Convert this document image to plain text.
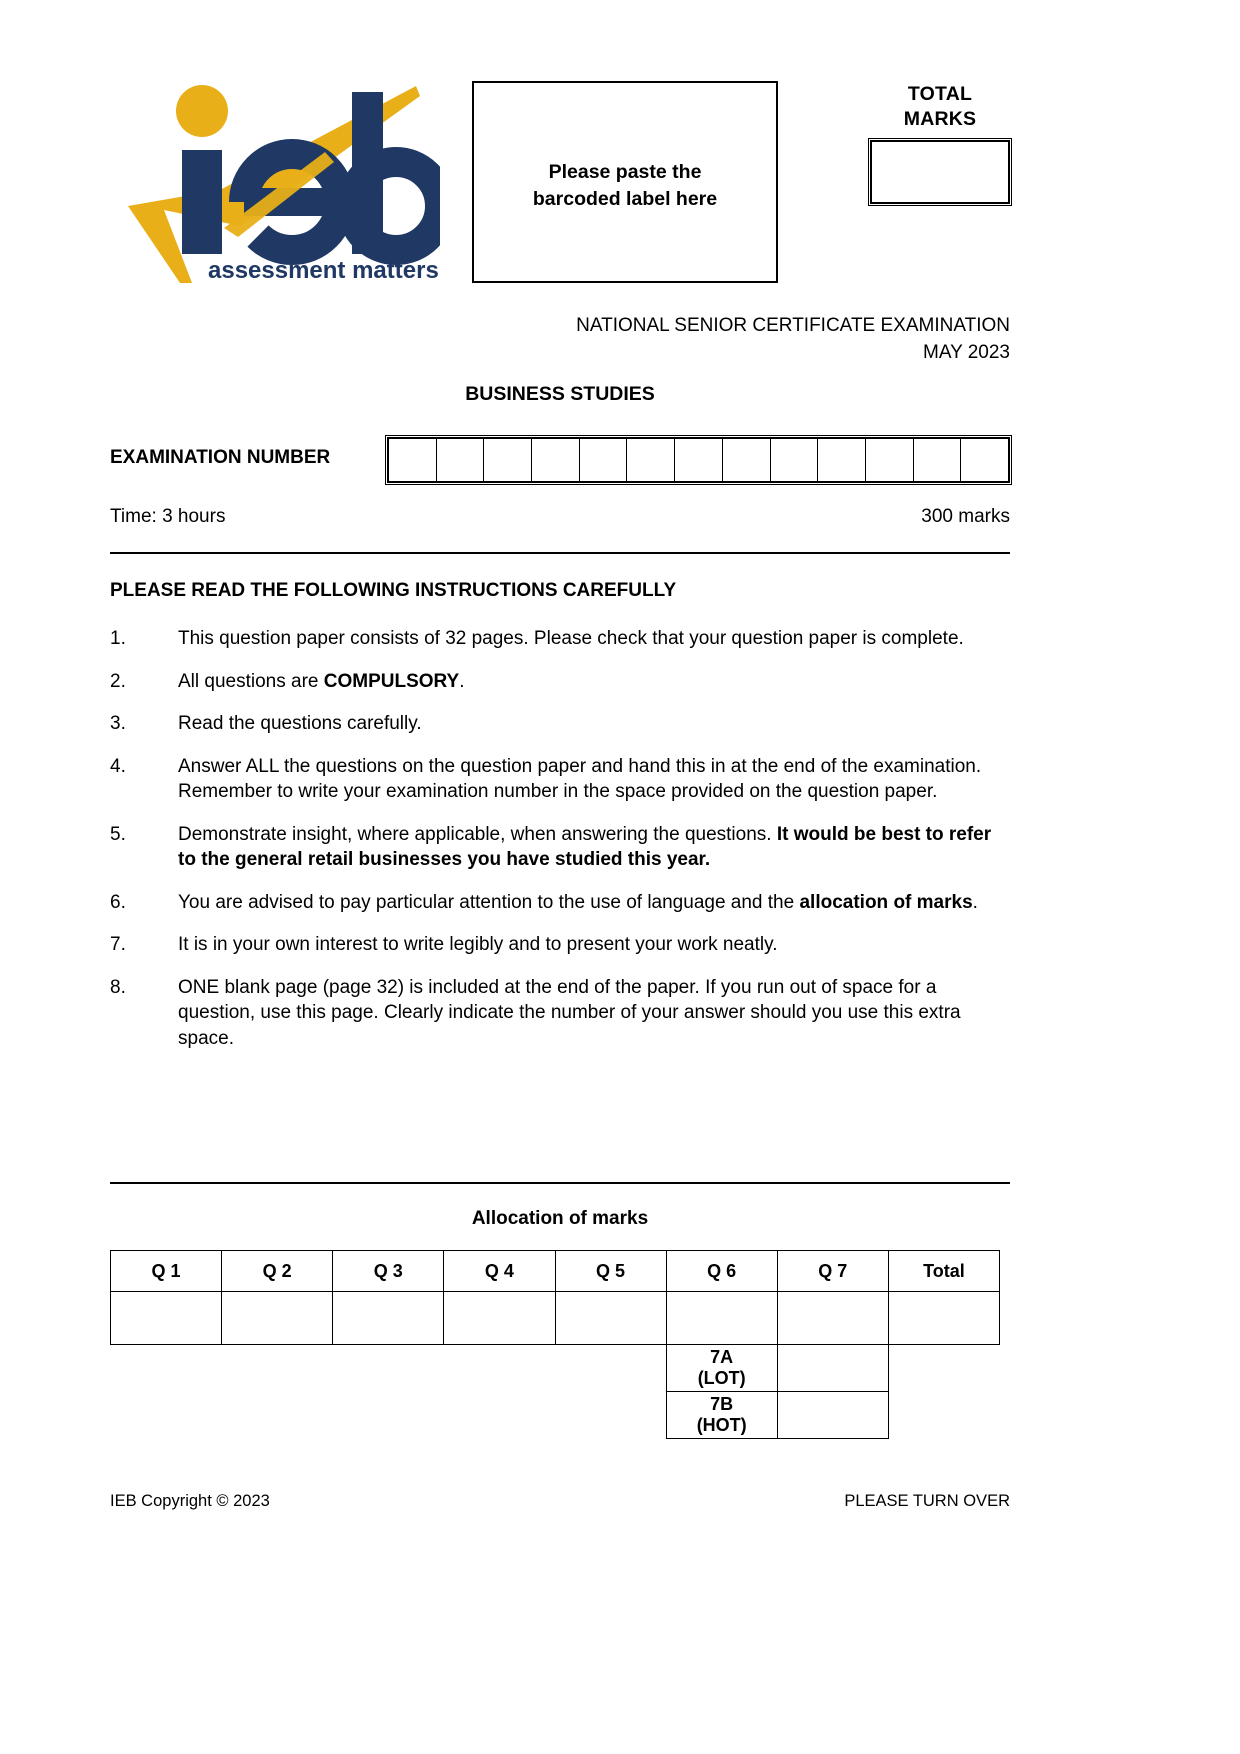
assessment matters
Please paste the
barcoded label here
TOTAL
MARKS
NATIONAL SENIOR CERTIFICATE EXAMINATION
MAY 2023
BUSINESS STUDIES
EXAMINATION NUMBER
Time: 3 hours	300 marks
PLEASE READ THE FOLLOWING INSTRUCTIONS CAREFULLY
1.	This question paper consists of 32 pages. Please check that your question paper is complete.
2.	All questions are COMPULSORY.
3.	Read the questions carefully.
4.	Answer ALL the questions on the question paper and hand this in at the end of the examination. Remember to write your examination number in the space provided on the question paper.
5.	Demonstrate insight, where applicable, when answering the questions. It would be best to refer to the general retail businesses you have studied this year.
6.	You are advised to pay particular attention to the use of language and the allocation of marks.
7.	It is in your own interest to write legibly and to present your work neatly.
8.	ONE blank page (page 32) is included at the end of the paper. If you run out of space for a question, use this page. Clearly indicate the number of your answer should you use this extra space.
Allocation of marks
Q 1	Q 2	Q 3	Q 4	Q 5	Q 6	Q 7	Total

					7A
(LOT)		

					7B
(HOT)		

IEB Copyright © 2023	PLEASE TURN OVER
